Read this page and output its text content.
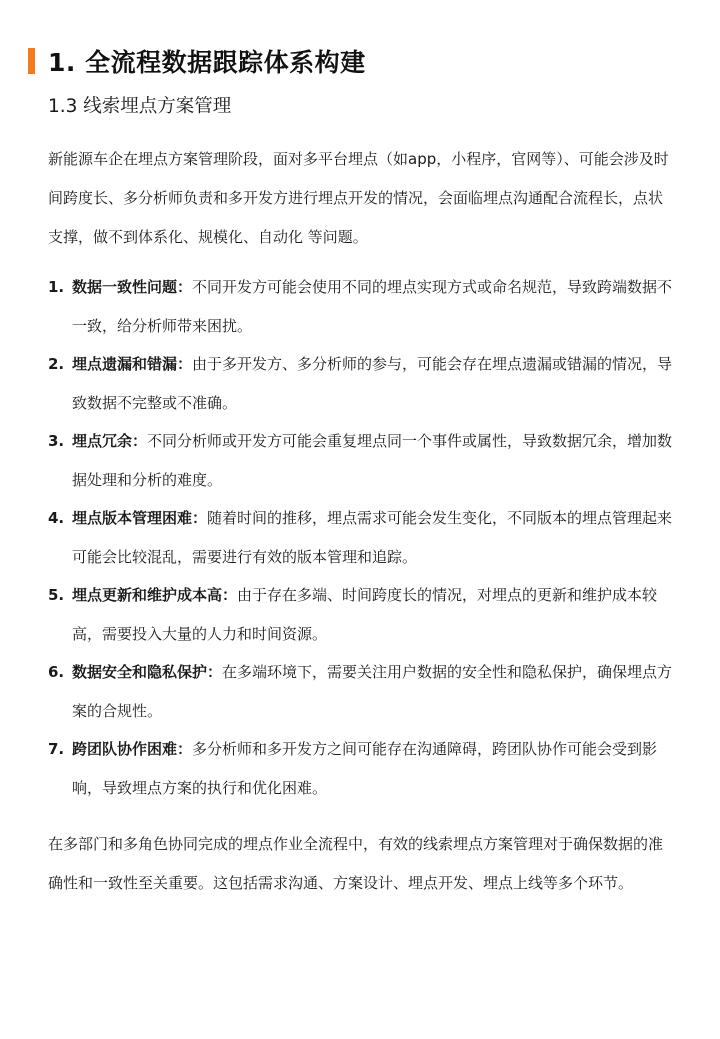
1. 全流程数据跟踪体系构建
1.3 线索埋点方案管理

新能源车企在埋点方案管理阶段，面对多平台埋点（如app，小程序，官网等）、可能会涉及时间跨度长、多分析师负责和多开发方进行埋点开发的情况，会面临埋点沟通配合流程长，点状支撑，做不到体系化、规模化、自动化 等问题。

1. 数据一致性问题：不同开发方可能会使用不同的埋点实现方式或命名规范，导致跨端数据不一致，给分析师带来困扰。
2. 埋点遗漏和错漏：由于多开发方、多分析师的参与，可能会存在埋点遗漏或错漏的情况，导致数据不完整或不准确。
3. 埋点冗余：不同分析师或开发方可能会重复埋点同一个事件或属性，导致数据冗余，增加数据处理和分析的难度。
4. 埋点版本管理困难：随着时间的推移，埋点需求可能会发生变化，不同版本的埋点管理起来可能会比较混乱，需要进行有效的版本管理和追踪。
5. 埋点更新和维护成本高：由于存在多端、时间跨度长的情况，对埋点的更新和维护成本较高，需要投入大量的人力和时间资源。
6. 数据安全和隐私保护：在多端环境下，需要关注用户数据的安全性和隐私保护，确保埋点方案的合规性。
7. 跨团队协作困难：多分析师和多开发方之间可能存在沟通障碍，跨团队协作可能会受到影响，导致埋点方案的执行和优化困难。

在多部门和多角色协同完成的埋点作业全流程中，有效的线索埋点方案管理对于确保数据的准确性和一致性至关重要。这包括需求沟通、方案设计、埋点开发、埋点上线等多个环节。
